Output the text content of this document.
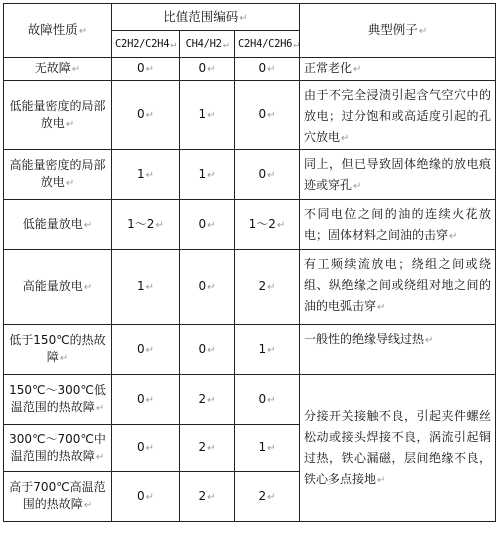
故障性质↵	比值范围编码↵			典型例子↵
	C2H2/C2H4↵	CH4/H2↵	C2H4/C2H6↵	
无故障↵	0↵	0↵	0↵	正常老化↵
低能量密度的局部放电↵	0↵	1↵	0↵	由于不完全浸渍引起含气空穴中的放电；过分饱和或高适度引起的孔穴放电↵
高能量密度的局部放电↵	1↵	1↵	0↵	同上，但已导致固体绝缘的放电痕迹或穿孔↵
低能量放电↵	1～2↵	0↵	1～2↵	不同电位之间的油的连续火花放电；固体材料之间油的击穿↵
高能量放电↵	1↵	0↵	2↵	有工频续流放电；绕组之间或绕组、纵绝缘之间或绕组对地之间的油的电弧击穿↵
低于150℃的热故障↵	0↵	0↵	1↵	一般性的绝缘导线过热↵
150℃～300℃低温范围的热故障↵	0↵	2↵	0↵	分接开关接触不良，引起夹件螺丝松动或接头焊接不良，涡流引起铜过热，铁心漏磁，层间绝缘不良，铁心多点接地↵
300℃～700℃中温范围的热故障↵	0↵	2↵	1↵	
高于700℃高温范围的热故障↵	0↵	2↵	2↵	
